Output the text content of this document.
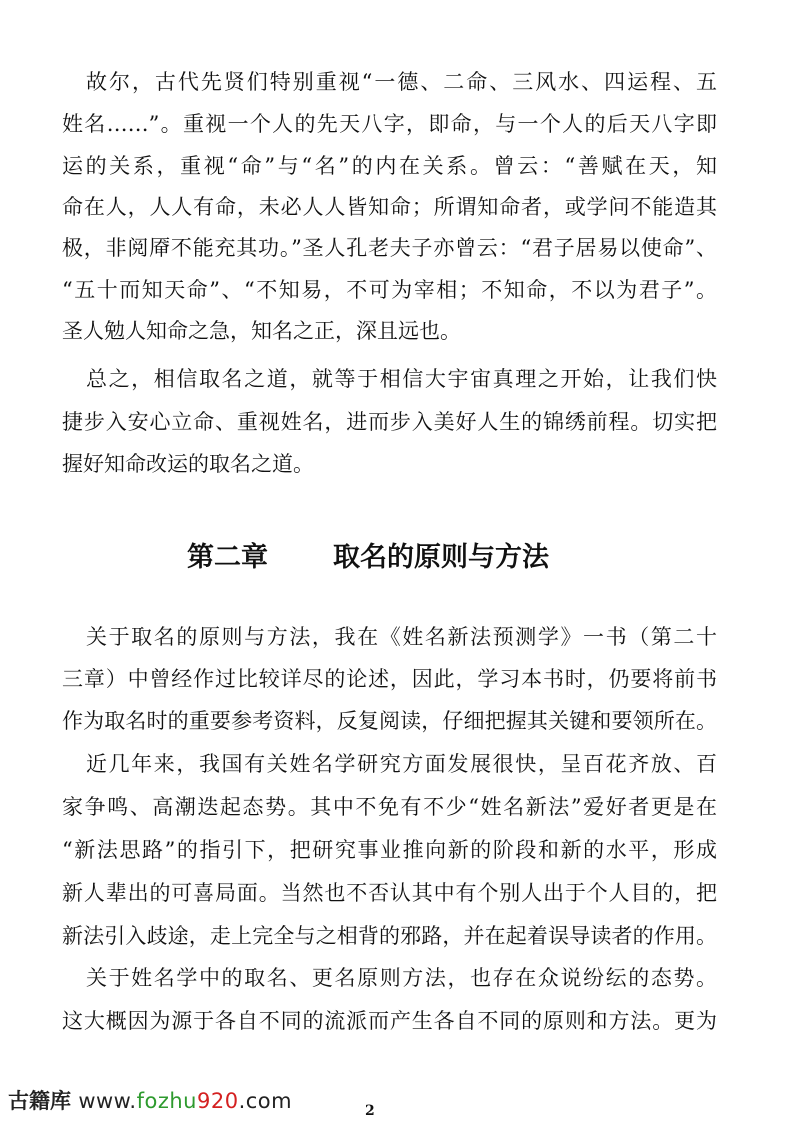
故尔，古代先贤们特别重视“一德、二命、三风水、四运程、五
姓名……”。重视一个人的先天八字，即命，与一个人的后天八字即
运的关系，重视“命”与“名”的内在关系。曾云：“善赋在天，知
命在人，人人有命，未必人人皆知命；所谓知命者，或学问不能造其
极，非阅厣不能充其功。”圣人孔老夫子亦曾云：“君子居易以使命”、
“五十而知天命”、“不知易，不可为宰相；不知命，不以为君子”。
圣人勉人知命之急，知名之正，深且远也。
总之，相信取名之道，就等于相信大宇宙真理之开始，让我们快
捷步入安心立命、重视姓名，进而步入美好人生的锦绣前程。切实把
握好知命改运的取名之道。
第二章 取名的原则与方法
关于取名的原则与方法，我在《姓名新法预测学》一书（第二十
三章）中曾经作过比较详尽的论述，因此，学习本书时，仍要将前书
作为取名时的重要参考资料，反复阅读，仔细把握其关键和要领所在。
近几年来，我国有关姓名学研究方面发展很快，呈百花齐放、百
家争鸣、高潮迭起态势。其中不免有不少“姓名新法”爱好者更是在
“新法思路”的指引下，把研究事业推向新的阶段和新的水平，形成
新人辈出的可喜局面。当然也不否认其中有个别人出于个人目的，把
新法引入歧途，走上完全与之相背的邪路，并在起着误导读者的作用。
关于姓名学中的取名、更名原则方法，也存在众说纷纭的态势。
这大概因为源于各自不同的流派而产生各自不同的原则和方法。更为
古籍库 www.fozhu920.com	2
